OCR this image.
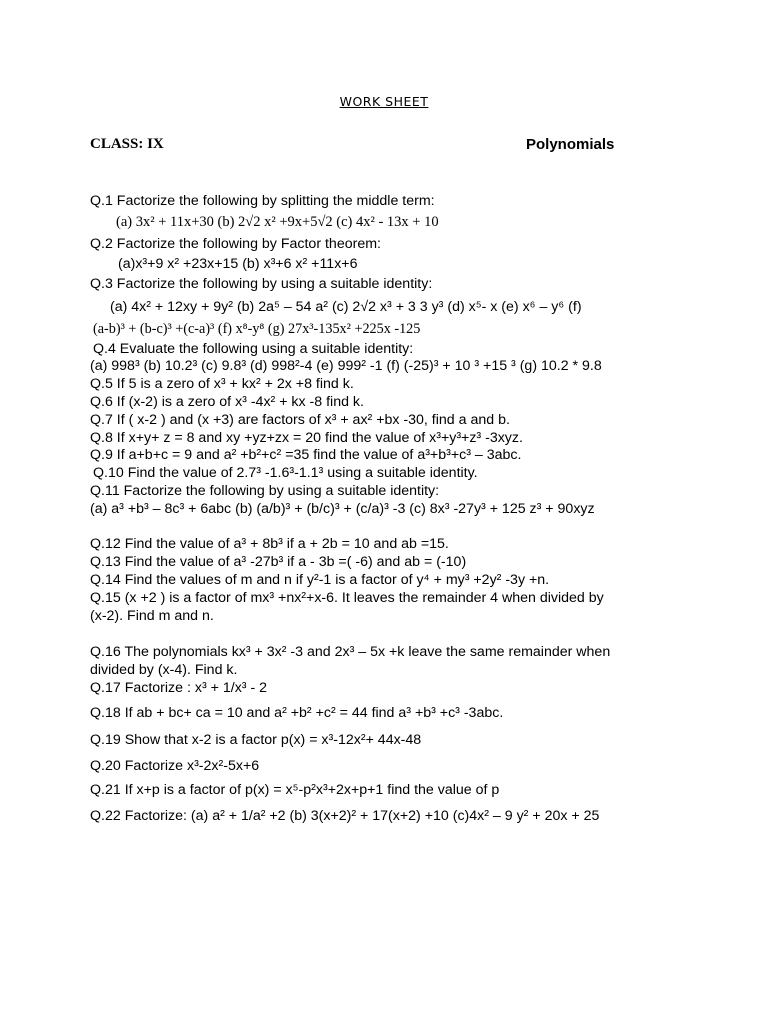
WORK SHEET
CLASS: IX	Polynomials
Q.1 Factorize the following by splitting the middle term:
(a) 3x² + 11x+30 (b) 2√2 x² +9x+5√2 (c) 4x² - 13x + 10
Q.2 Factorize the following by Factor theorem:
(a)x³+9 x² +23x+15 (b) x³+6 x² +11x+6
Q.3 Factorize the following by using a suitable identity:
(a) 4x² + 12xy + 9y² (b) 2a⁵ – 54 a² (c) 2√2 x³ + 3 3 y³ (d) x⁵- x (e) x⁶ – y⁶ (f)
(a-b)³ + (b-c)³ +(c-a)³ (f) x⁸-y⁸ (g) 27x³-135x² +225x -125
Q.4 Evaluate the following using a suitable identity:
(a) 998³ (b) 10.2³ (c) 9.8³ (d) 998²-4 (e) 999² -1 (f) (-25)³ + 10 ³ +15 ³ (g) 10.2 * 9.8
Q.5 If 5 is a zero of x³ + kx² + 2x +8 find k.
Q.6 If (x-2) is a zero of x³ -4x² + kx -8 find k.
Q.7 If ( x-2 ) and (x +3) are factors of x³ + ax² +bx -30, find a and b.
Q.8 If x+y+ z = 8 and xy +yz+zx = 20 find the value of x³+y³+z³ -3xyz.
Q.9 If a+b+c = 9 and a² +b²+c² =35 find the value of a³+b³+c³ – 3abc.
Q.10 Find the value of 2.7³ -1.6³-1.1³ using a suitable identity.
Q.11 Factorize the following by using a suitable identity:
(a) a³ +b³ – 8c³ + 6abc (b) (a/b)³ + (b/c)³ + (c/a)³ -3 (c) 8x³ -27y³ + 125 z³ + 90xyz
Q.12 Find the value of a³ + 8b³ if a + 2b = 10 and ab =15.
Q.13 Find the value of a³ -27b³ if a - 3b =( -6) and ab = (-10)
Q.14 Find the values of m and n if y²-1 is a factor of y⁴ + my³ +2y² -3y +n.
Q.15 (x +2 ) is a factor of mx³ +nx²+x-6. It leaves the remainder 4 when divided by
(x-2). Find m and n.
Q.16 The polynomials kx³ + 3x² -3 and 2x³ – 5x +k leave the same remainder when
divided by (x-4). Find k.
Q.17 Factorize : x³ + 1/x³ - 2
Q.18 If ab + bc+ ca = 10 and a² +b² +c² = 44 find a³ +b³ +c³ -3abc.
Q.19 Show that x-2 is a factor p(x) = x³-12x²+ 44x-48
Q.20 Factorize x³-2x²-5x+6
Q.21 If x+p is a factor of p(x) = x⁵-p²x³+2x+p+1 find the value of p
Q.22 Factorize: (a) a² + 1/a² +2 (b) 3(x+2)² + 17(x+2) +10 (c)4x² – 9 y² + 20x + 25
